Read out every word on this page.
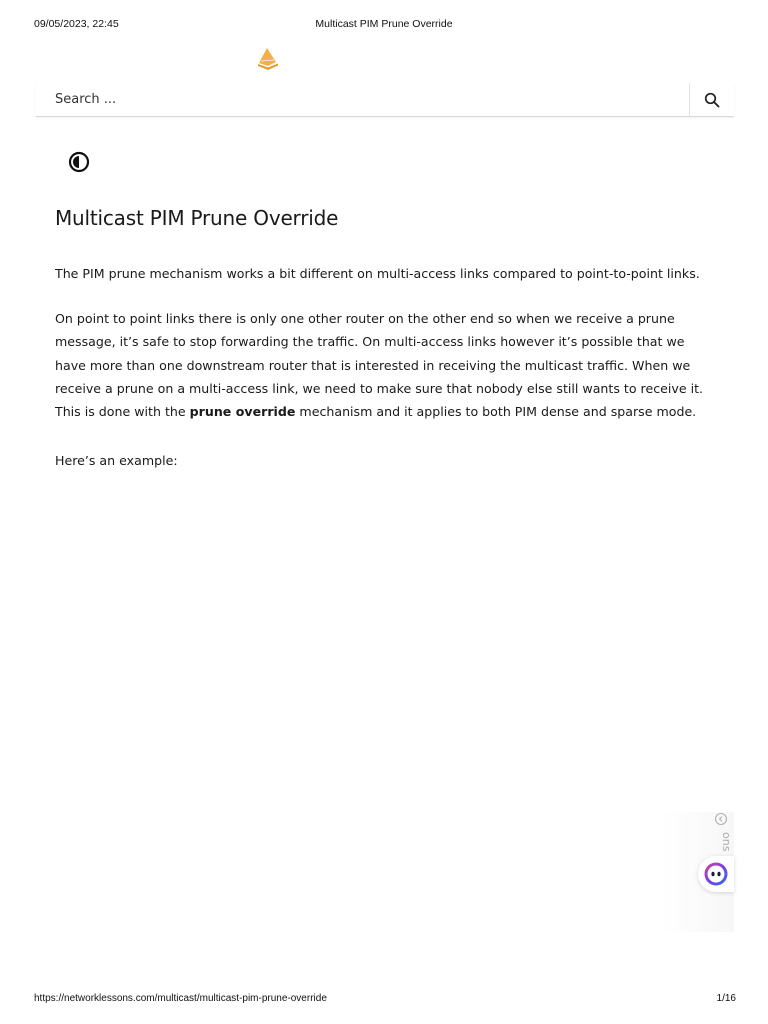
09/05/2023, 22:45	Multicast PIM Prune Override
Search ...
Multicast PIM Prune Override

The PIM prune mechanism works a bit different on multi-access links compared to point-to-point links.

On point to point links there is only one other router on the other end so when we receive a prune message, it’s safe to stop forwarding the traffic. On multi-access links however it’s possible that we have more than one downstream router that is interested in receiving the multicast traffic. When we receive a prune on a multi-access link, we need to make sure that nobody else still wants to receive it. This is done with the prune override mechanism and it applies to both PIM dense and sparse mode.

Here’s an example:

ons
https://networklessons.com/multicast/multicast-pim-prune-override	1/16
